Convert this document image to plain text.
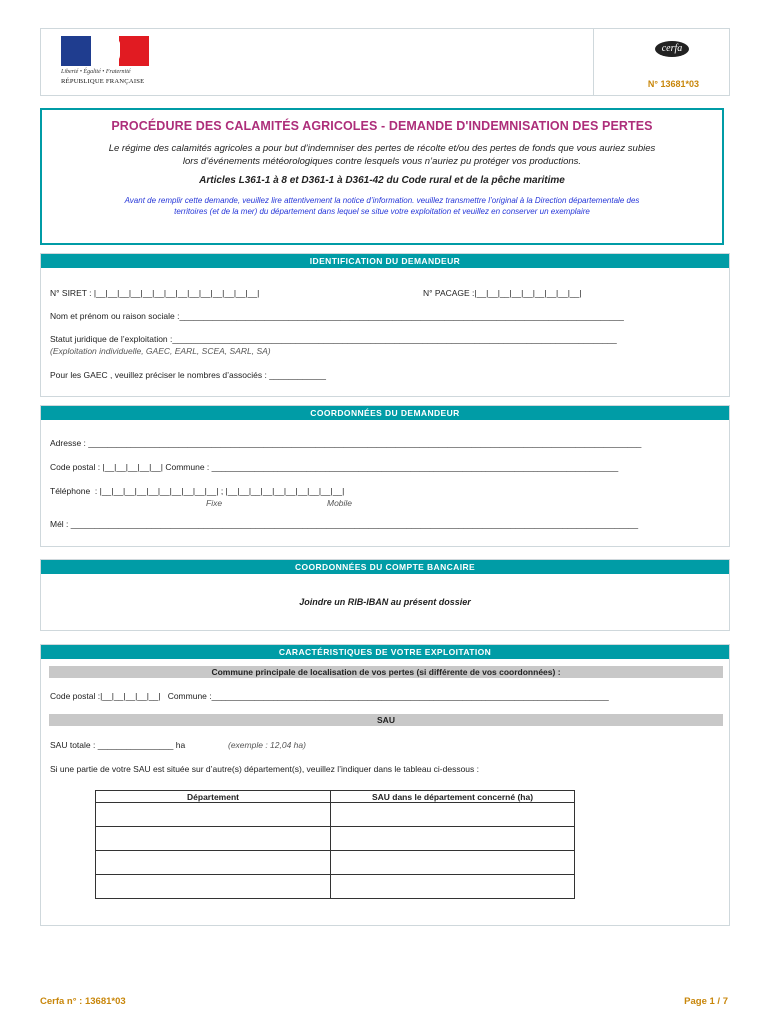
Liberté • Égalité • Fraternité
RÉPUBLIQUE FRANÇAISE
cerfa
N° 13681*03
PROCÉDURE DES CALAMITÉS AGRICOLES - DEMANDE D'INDEMNISATION DES PERTES
Le régime des calamités agricoles a pour but d’indemniser des pertes de récolte et/ou des pertes de fonds que vous auriez subies
lors d’événements météorologiques contre lesquels vous n’auriez pu protéger vos productions.
Articles L361-1 à 8 et D361-1 à D361-42 du Code rural et de la pêche maritime
Avant de remplir cette demande, veuillez lire attentivement la notice d’information. veuillez transmettre l’original à la Direction départementale des
territoires (et de la mer) du département dans lequel se situe votre exploitation et veuillez en conserver un exemplaire
IDENTIFICATION DU DEMANDEUR
N° SIRET : |__|__|__|__|__|__|__|__|__|__|__|__|__|__|	N° PACAGE :|__|__|__|__|__|__|__|__|__|
Nom et prénom ou raison sociale :______________________________________________________________________________________________
Statut juridique de l’exploitation :______________________________________________________________________________________________
(Exploitation individuelle, GAEC, EARL, SCEA, SARL, SA)
Pour les GAEC , veuillez préciser le nombres d’associés : ____________
COORDONNÉES DU DEMANDEUR
Adresse : _____________________________________________________________________________________________________________________
Code postal : |__|__|__|__|__| Commune : ______________________________________________________________________________________
Téléphone  : |__|__|__|__|__|__|__|__|__|__| ; |__|__|__|__|__|__|__|__|__|__|
Fixe	Mobile
Mél : ________________________________________________________________________________________________________________________
COORDONNÉES DU COMPTE BANCAIRE
Joindre un RIB-IBAN au présent dossier
CARACTÉRISTIQUES DE VOTRE EXPLOITATION
Commune principale de localisation de vos pertes (si différente de vos coordonnées) :
Code postal :|__|__|__|__|__|   Commune :____________________________________________________________________________________
SAU
SAU totale : ________________ ha	(exemple : 12,04 ha)
Si une partie de votre SAU est située sur d’autre(s) département(s), veuillez l’indiquer dans le tableau ci-dessous :
Département	SAU dans le département concerné (ha)

Cerfa n° : 13681*03	Page 1 / 7
